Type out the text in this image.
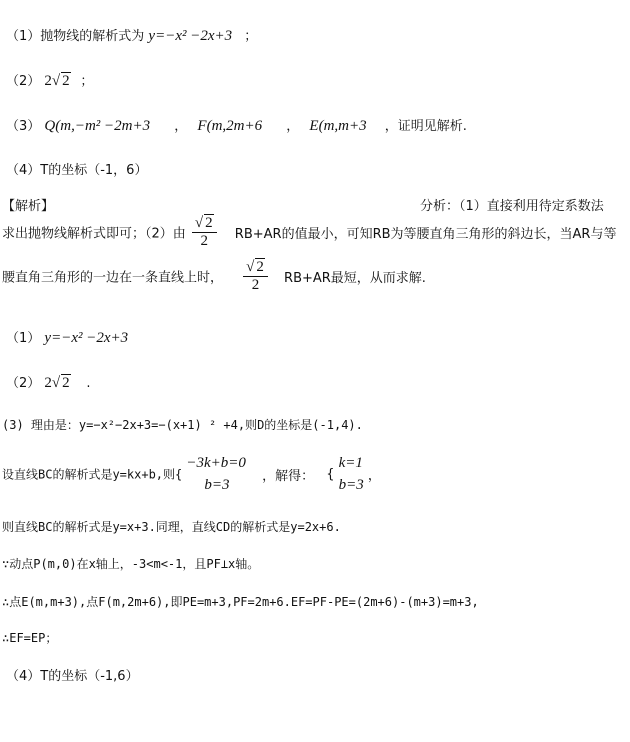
（1）抛物线的解析式为 y=−x² −2x+3 ；
（2） 2√ 2 ；
（3） Q(m,−m² −2m+3 ， F(m,2m+6 ， E(m,m+3 ，证明见解析.
（4）T的坐标（-1，6）
【解析】	分析：（1）直接利用待定系数法
求出抛物线解析式即可；（2）由 $\frac{√ 2}{2} RB+AR$的值最小，可知RB为等腰直角三角形的斜边长，当AR与等
腰直角三角形的一边在一条直线上时， $\frac{√ 2}{2} RB+AR$最短，从而求解.
（1） y=−x² −2x+3
（2） 2√ 2 .
(3) 理由是：y=−x²−2x+3=−(x+1) ² +4,则D的坐标是(-1,4).
设直线BC的解析式是y=kx+b,则{
−3k+b=0
b=3
，解得： {
k=1
b=3
，
则直线BC的解析式是y=x+3.同理，直线CD的解析式是y=2x+6.
∵动点P(m,0)在x轴上，-3<m<-1，且PF⊥x轴。
∴点E(m,m+3),点F(m,2m+6),即PE=m+3,PF=2m+6.EF=PF-PE=(2m+6)-(m+3)=m+3,
∴EF=EP；
（4）T的坐标（-1,6）
